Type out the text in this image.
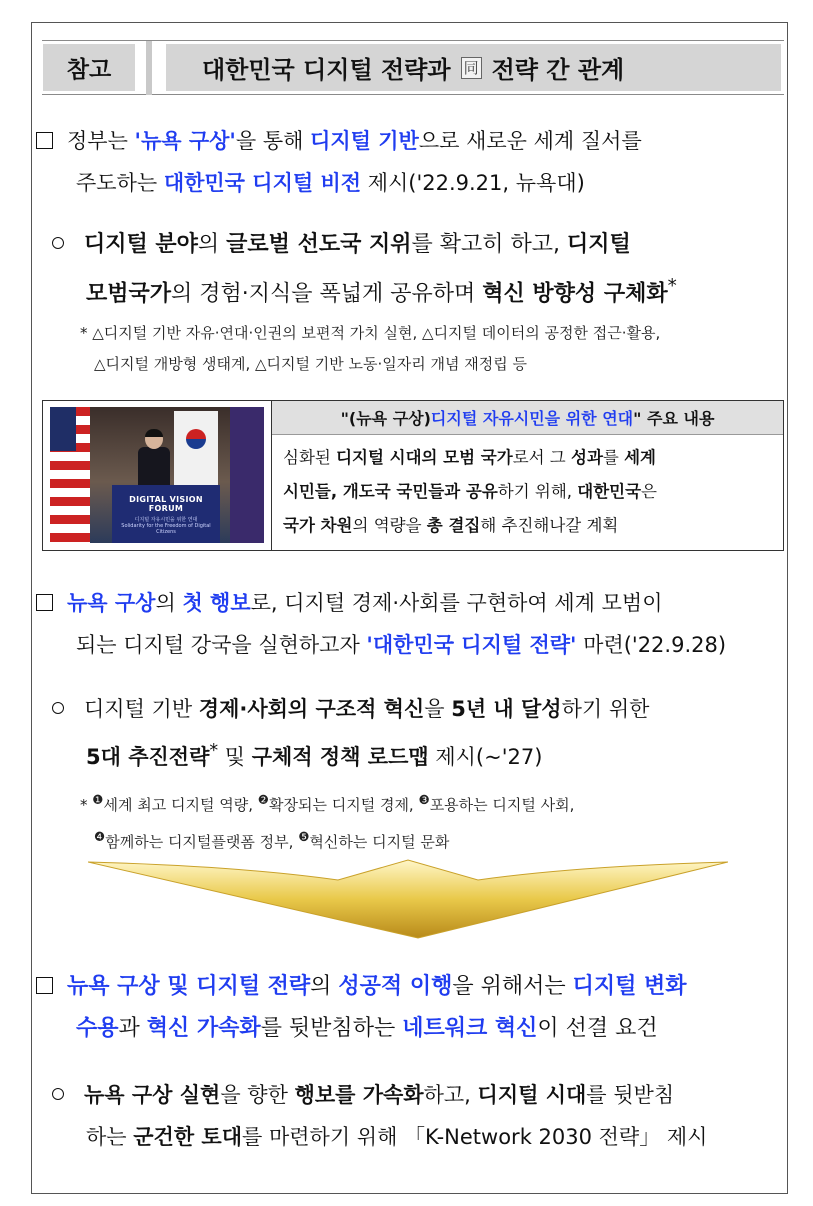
참고	대한민국 디지털 전략과 同 전략 간 관계
정부는 '뉴욕 구상'을 통해 디지털 기반으로 새로운 세계 질서를
주도하는 대한민국 디지털 비전 제시('22.9.21, 뉴욕대)
디지털 분야의 글로벌 선도국 지위를 확고히 하고, 디지털
모범국가의 경험·지식을 폭넓게 공유하며 혁신 방향성 구체화*
* △디지털 기반 자유·연대·인권의 보편적 가치 실현, △디지털 데이터의 공정한 접근·활용,
△디지털 개방형 생태계, △디지털 기반 노동·일자리 개념 재정립 등
DIGITAL VISION FORUM
디지털 자유시민을 위한 연대
Solidarity for the Freedom of Digital Citizens
"(뉴욕 구상) 디지털 자유시민을 위한 연대 " 주요 내용
심화된 디지털 시대의 모범 국가로서 그 성과를 세계
시민들, 개도국 국민들과 공유하기 위해, 대한민국은
국가 차원의 역량을 총 결집해 추진해나갈 계획
뉴욕 구상의 첫 행보로, 디지털 경제·사회를 구현하여 세계 모범이
되는 디지털 강국을 실현하고자 '대한민국 디지털 전략' 마련('22.9.28)
디지털 기반 경제·사회의 구조적 혁신을 5년 내 달성하기 위한
5대 추진전략* 및 구체적 정책 로드맵 제시(~'27)
* $^❶$세계 최고 디지털 역량, $^❷$확장되는 디지털 경제, $^❸$포용하는 디지털 사회,
$^❹$함께하는 디지털플랫폼 정부, $^❺$혁신하는 디지털 문화
뉴욕 구상 및 디지털 전략의 성공적 이행을 위해서는 디지털 변화
수용과 혁신 가속화를 뒷받침하는 네트워크 혁신이 선결 요건
뉴욕 구상 실현을 향한 행보를 가속화하고, 디지털 시대를 뒷받침
하는 군건한 토대를 마련하기 위해 「K-Network 2030 전략」 제시
